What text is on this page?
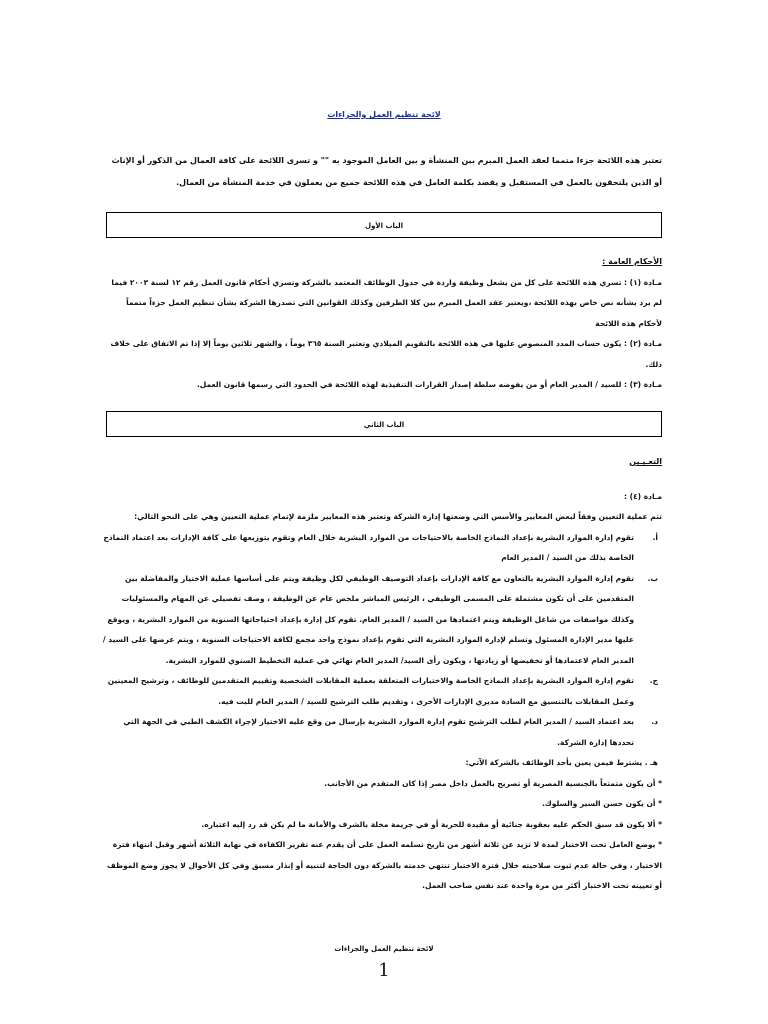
لائحة تنظيم العمل والجزاءات
تعتبر هذه اللائحة جزءا متمما لعقد العمل المبرم بين المنشأة و بين العامل الموجود به "" و تسرى اللائحة على كافة العمال من الذكور أو الإناث أو الذين يلتحقون بالعمل في المستقبل و يقصد بكلمة العامل في هذه اللائحة جميع من يعملون في خدمة المنشأة من العمال.
الباب الأول
الأحكام العامة :

مـادة (١) : تسري هذه اللائحة على كل من يشغل وظيفة واردة في جدول الوظائف المعتمد بالشركة وتسري أحكام قانون العمل رقم ١٢ لسنة ٢٠٠٣ فيما لم يرد بشأنه نص خاص بهذه اللائحة ،ويعتبر عقد العمل المبرم بين كلا الطرفين وكذلك القوانين التي تصدرها الشركة بشأن تنظيم العمل جزءاً متمماً لأحكام هذه اللائحة

مـادة (٢) : يكون حساب المدد المنصوص عليها في هذه اللائحة بالتقويم الميلادي وتعتبر السنة ٣٦٥ يوماً ، والشهر ثلاثين يوماً إلا إذا تم الاتفاق على خلاف ذلك.

مـادة (٣) : للسيد / المدير العام أو من يفوضه سلطة إصدار القرارات التنفيذية لهذه اللائحة في الحدود التي رسمها قانون العمل.

الباب الثاني
التعـيـين

مـادة (٤) :

تتم عملية التعيين وفقاً لبعض المعايير والأسس التي وضعتها إدارة الشركة وتعتبر هذه المعايير ملزمة لإتمام عملية التعيين وهي على النحو التالي:

أ.
تقوم إدارة الموارد البشرية بإعداد النماذج الخاصة بالاحتياجات من الموارد البشرية خلال العام وتقوم بتوزيعها على كافة الإدارات بعد اعتماد النماذج الخاصة بذلك من السيد / المدير العام
ب.
تقوم إدارة الموارد البشرية بالتعاون مع كافة الإدارات بإعداد التوصيف الوظيفي لكل وظيفة ويتم على أساسها عملية الاختيار والمفاضلة بين المتقدمين على أن تكون مشتملة على المسمى الوظيفي ، الرئيس المباشر ملخص عام عن الوظيفة ، وصف تفصيلي عن المهام والمسئوليات وكذلك مواصفات من شاغل الوظيفة ويتم اعتمادها من السيد / المدير العام. تقوم كل إدارة بإعداد احتياجاتها السنوية من الموارد البشرية ، ويوقع عليها مدير الإدارة المسئول وتسلم لإدارة الموارد البشرية التي تقوم بإعداد نموذج واحد مجمع لكافة الاحتياجات السنوية ، ويتم عرضها على السيد / المدير العام لاعتمادها أو تخفيضها أو زيادتها ، ويكون رأى السيد/ المدير العام نهائي في عملية التخطيط السنوي للموارد البشرية.
ج.
تقوم إدارة الموارد البشرية بإعداد النماذج الخاصة والاختبارات المتعلقة بعملية المقابلات الشخصية وتقييم المتقدمين للوظائف ، وترشيح المعينين وعمل المقابلات بالتنسيق مع السادة مديري الإدارات الأخرى ، وتقديم طلب الترشيح للسيد / المدير العام للبت فيه.
د.
بعد اعتماد السيد / المدير العام لطلب الترشيح تقوم إدارة الموارد البشرية بإرسال من وقع عليه الاختيار لإجراء الكشف الطبي في الجهة التي تحددها إدارة الشركة.

هـ . يشترط فيمن يعين بأحد الوظائف بالشركة الآتي:

* أن يكون متمتعاً بالجنسية المصرية أو تصريح بالعمل داخل مصر إذا كان المتقدم من الأجانب.

* أن يكون حسن السير والسلوك.

* ألا يكون قد سبق الحكم عليه بعقوبة جنائية أو مقيدة للحرية أو في جريمة مخلة بالشرف والأمانة ما لم يكن قد رد إليه اعتباره.

* يوضع العامل تحت الاختبار لمدة لا تزيد عن ثلاثة أشهر من تاريخ تسلمه العمل على أن يقدم عنه تقرير الكفاءة في نهاية الثلاثة أشهر وقبل انتهاء فترة الاختبار ، وفي حالة عدم ثبوت صلاحيته خلال فترة الاختبار تنتهي خدمته بالشركة دون الحاجة لتنبيه أو إنذار مسبق وفي كل الأحوال لا يجوز وضع الموظف أو تعيينه تحت الاختبار أكثر من مرة واحدة عند نفس صاحب العمل.

لائحة تنظيم العمل والجزاءات
1
